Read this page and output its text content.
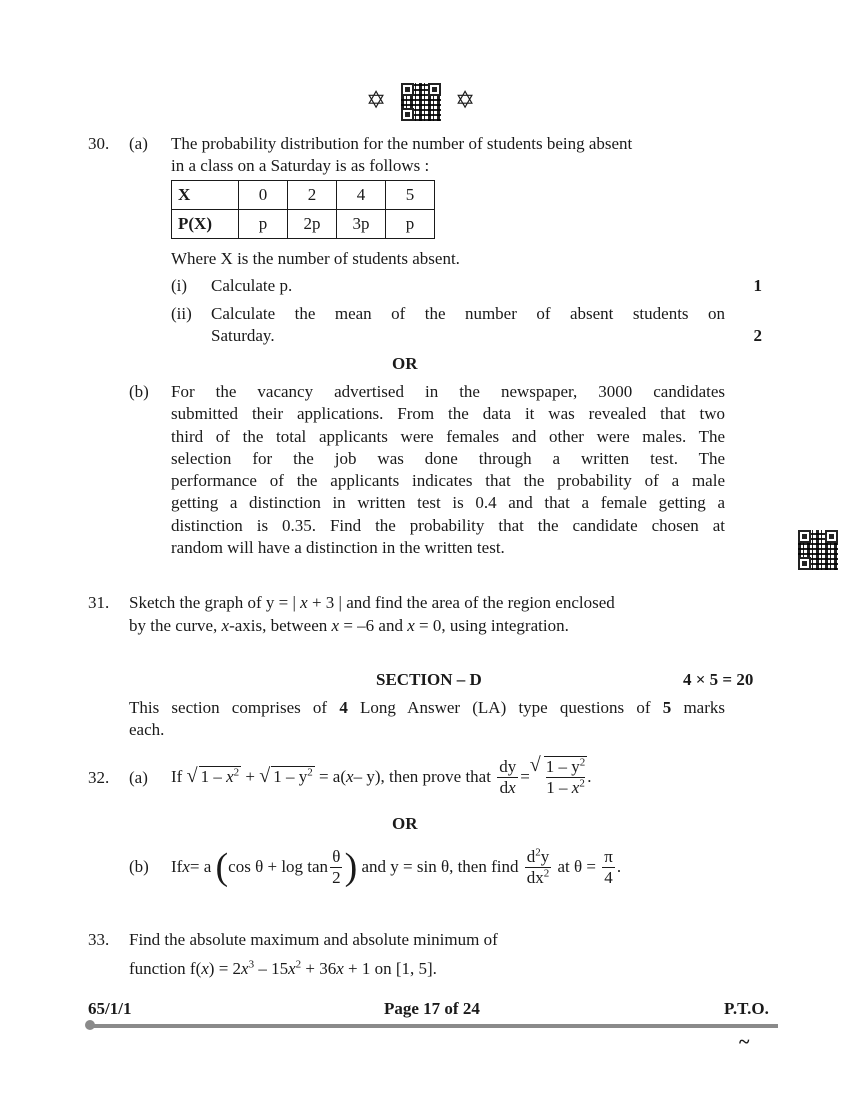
✡	✡
30. (a) The probability distribution for the number of students being absent
in a class on a Saturday is as follows :
X	0	2	4	5
P(X)	p	2p	3p	p
Where X is the number of students absent.
(i) Calculate p.	1
(ii) Calculate the mean of the number of absent students on
Saturday.	2
OR
(b) For the vacancy advertised in the newspaper, 3000 candidates
submitted their applications. From the data it was revealed that two
third of the total applicants were females and other were males. The
selection for the job was done through a written test. The
performance of the applicants indicates that the probability of a male
getting a distinction in written test is 0.4 and that a female getting a
distinction is 0.35. Find the probability that the candidate chosen at
random will have a distinction in the written test.
31. Sketch the graph of y = | x + 3 | and find the area of the region enclosed
by the curve, x-axis, between x = –6 and x = 0, using integration.
SECTION – D	4 × 5 = 20
This section comprises of 4 Long Answer (LA) type questions of 5 marks
each.
32. (a) If
	√ $1 - x^2$
+
	√ $1 - y^2$
= a( x – y), then prove that
$\frac{dy}{dx}$ = √ $\frac{1 - y^2}{1 - x^2}$ .
OR
(b) If x = a
( $\cos \theta + \log \tan \frac{\theta}{2}$ )
and y = sin θ, then find
$\frac{d^2y}{dx^2}$
at θ =
$\frac{\pi}{4}$ .
33. Find the absolute maximum and absolute minimum of
function $f(x) = 2x^3 - 15x^2 + 36x + 1$ on [1, 5].
65/1/1	Page 17 of 24	P.T.O.
~
